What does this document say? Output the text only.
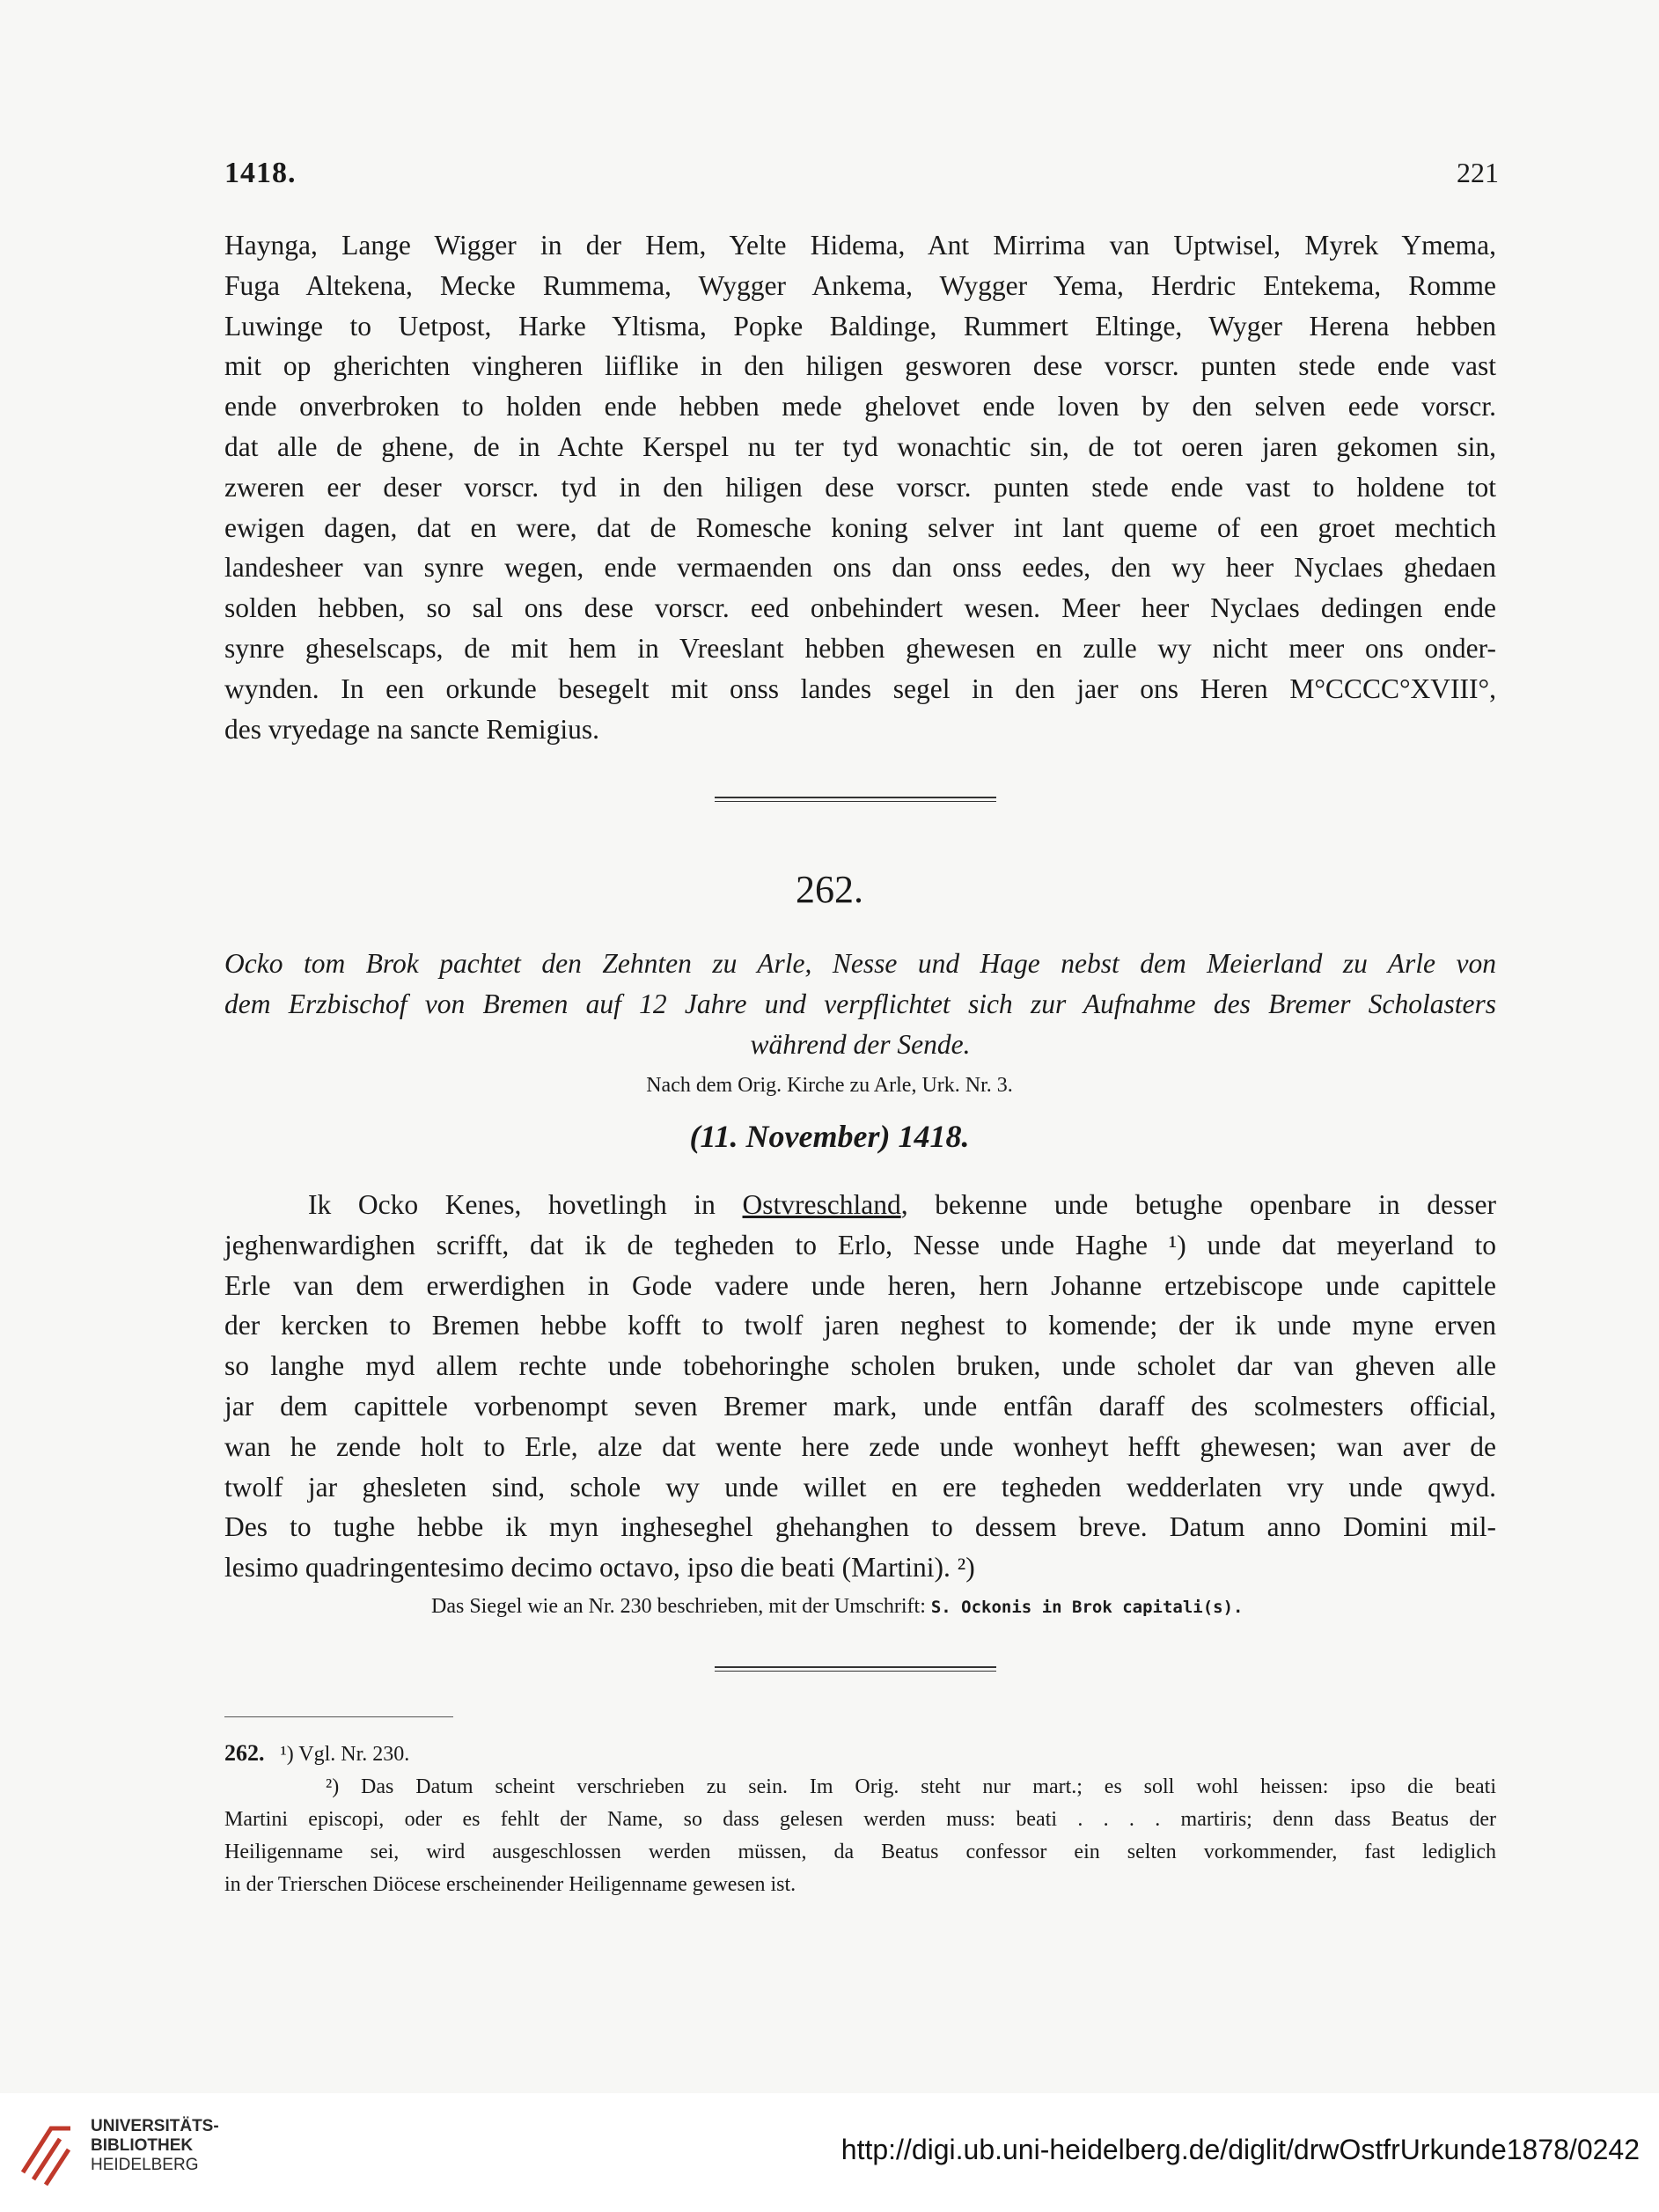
1418.	221
Haynga, Lange Wigger in der Hem, Yelte Hidema, Ant Mirrima van Uptwisel, Myrek Ymema,
Fuga Altekena, Mecke Rummema, Wygger Ankema, Wygger Yema, Herdric Entekema, Romme
Luwinge to Uetpost, Harke Yltisma, Popke Baldinge, Rummert Eltinge, Wyger Herena hebben
mit op gherichten vingheren liiflike in den hiligen gesworen dese vorscr. punten stede ende vast
ende onverbroken to holden ende hebben mede ghelovet ende loven by den selven eede vorscr.
dat alle de ghene, de in Achte Kerspel nu ter tyd wonachtic sin, de tot oeren jaren gekomen sin,
zweren eer deser vorscr. tyd in den hiligen dese vorscr. punten stede ende vast to holdene tot
ewigen dagen, dat en were, dat de Romesche koning selver int lant queme of een groet mechtich
landesheer van synre wegen, ende vermaenden ons dan onss eedes, den wy heer Nyclaes ghedaen
solden hebben, so sal ons dese vorscr. eed onbehindert wesen. Meer heer Nyclaes dedingen ende
synre gheselscaps, de mit hem in Vreeslant hebben ghewesen en zulle wy nicht meer ons onder-
wynden. In een orkunde besegelt mit onss landes segel in den jaer ons Heren M°CCCC°XVIII°,
des vryedage na sancte Remigius.
262.
Ocko tom Brok pachtet den Zehnten zu Arle, Nesse und Hage nebst dem Meierland zu Arle von
dem Erzbischof von Bremen auf 12 Jahre und verpflichtet sich zur Aufnahme des Bremer Scholasters
während der Sende.
Nach dem Orig. Kirche zu Arle, Urk. Nr. 3.
(11. November) 1418.
Ik Ocko Kenes, hovetlingh in Ostvreschland, bekenne unde betughe openbare in desser
jeghenwardighen scrifft, dat ik de tegheden to Erlo, Nesse unde Haghe ¹) unde dat meyerland to
Erle van dem erwerdighen in Gode vadere unde heren, hern Johanne ertzebiscope unde capittele
der kercken to Bremen hebbe kofft to twolf jaren neghest to komende; der ik unde myne erven
so langhe myd allem rechte unde tobehoringhe scholen bruken, unde scholet dar van gheven alle
jar dem capittele vorbenompt seven Bremer mark, unde entfân daraff des scolmesters official,
wan he zende holt to Erle, alze dat wente here zede unde wonheyt hefft ghewesen; wan aver de
twolf jar ghesleten sind, schole wy unde willet en ere tegheden wedderlaten vry unde qwyd.
Des to tughe hebbe ik myn ingheseghel ghehanghen to dessem breve. Datum anno Domini mil-
lesimo quadringentesimo decimo octavo, ipso die beati (Martini). ²)
Das Siegel wie an Nr. 230 beschrieben, mit der Umschrift: S. Ockonis in Brok capitali(s).
262. ¹) Vgl. Nr. 230.
²) Das Datum scheint verschrieben zu sein. Im Orig. steht nur mart.; es soll wohl heissen: ipso die beati
Martini episcopi, oder es fehlt der Name, so dass gelesen werden muss: beati . . . . martiris; denn dass Beatus der
Heiligenname sei, wird ausgeschlossen werden müssen, da Beatus confessor ein selten vorkommender, fast lediglich
in der Trierschen Diöcese erscheinender Heiligenname gewesen ist.
UNIVERSITÄTS-
BIBLIOTHEK
HEIDELBERG	http://digi.ub.uni-heidelberg.de/diglit/drwOstfrUrkunde1878/0242
